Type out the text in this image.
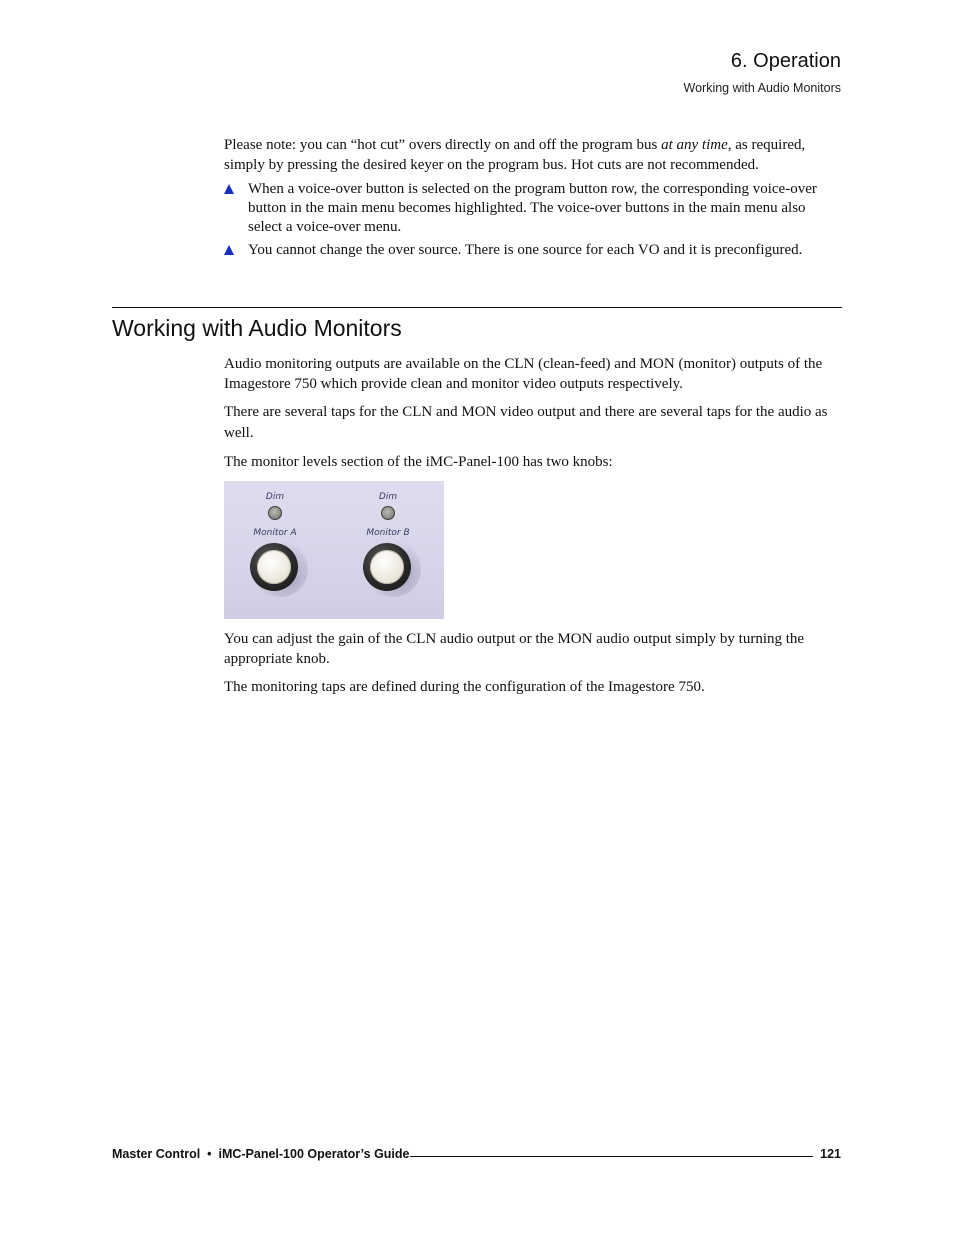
6. Operation
Working with Audio Monitors
Please note: you can “hot cut” overs directly on and off the program bus at any time, as required, simply by pressing the desired keyer on the program bus. Hot cuts are not recommended.
When a voice-over button is selected on the program button row, the corresponding voice-over button in the main menu becomes highlighted. The voice-over buttons in the main menu also select a voice-over menu.
You cannot change the over source. There is one source for each VO and it is preconfigured.
Working with Audio Monitors
Audio monitoring outputs are available on the CLN (clean-feed) and MON (monitor) outputs of the Imagestore 750 which provide clean and monitor video outputs respectively.
There are several taps for the CLN and MON video output and there are several taps for the audio as well.
The monitor levels section of the iMC-Panel-100 has two knobs:
Dim
Monitor A
Dim
Monitor B
You can adjust the gain of the CLN audio output or the MON audio output simply by turning the appropriate knob.
The monitoring taps are defined during the configuration of the Imagestore 750.
Master Control  •  iMC-Panel-100 Operator’s Guide	121
